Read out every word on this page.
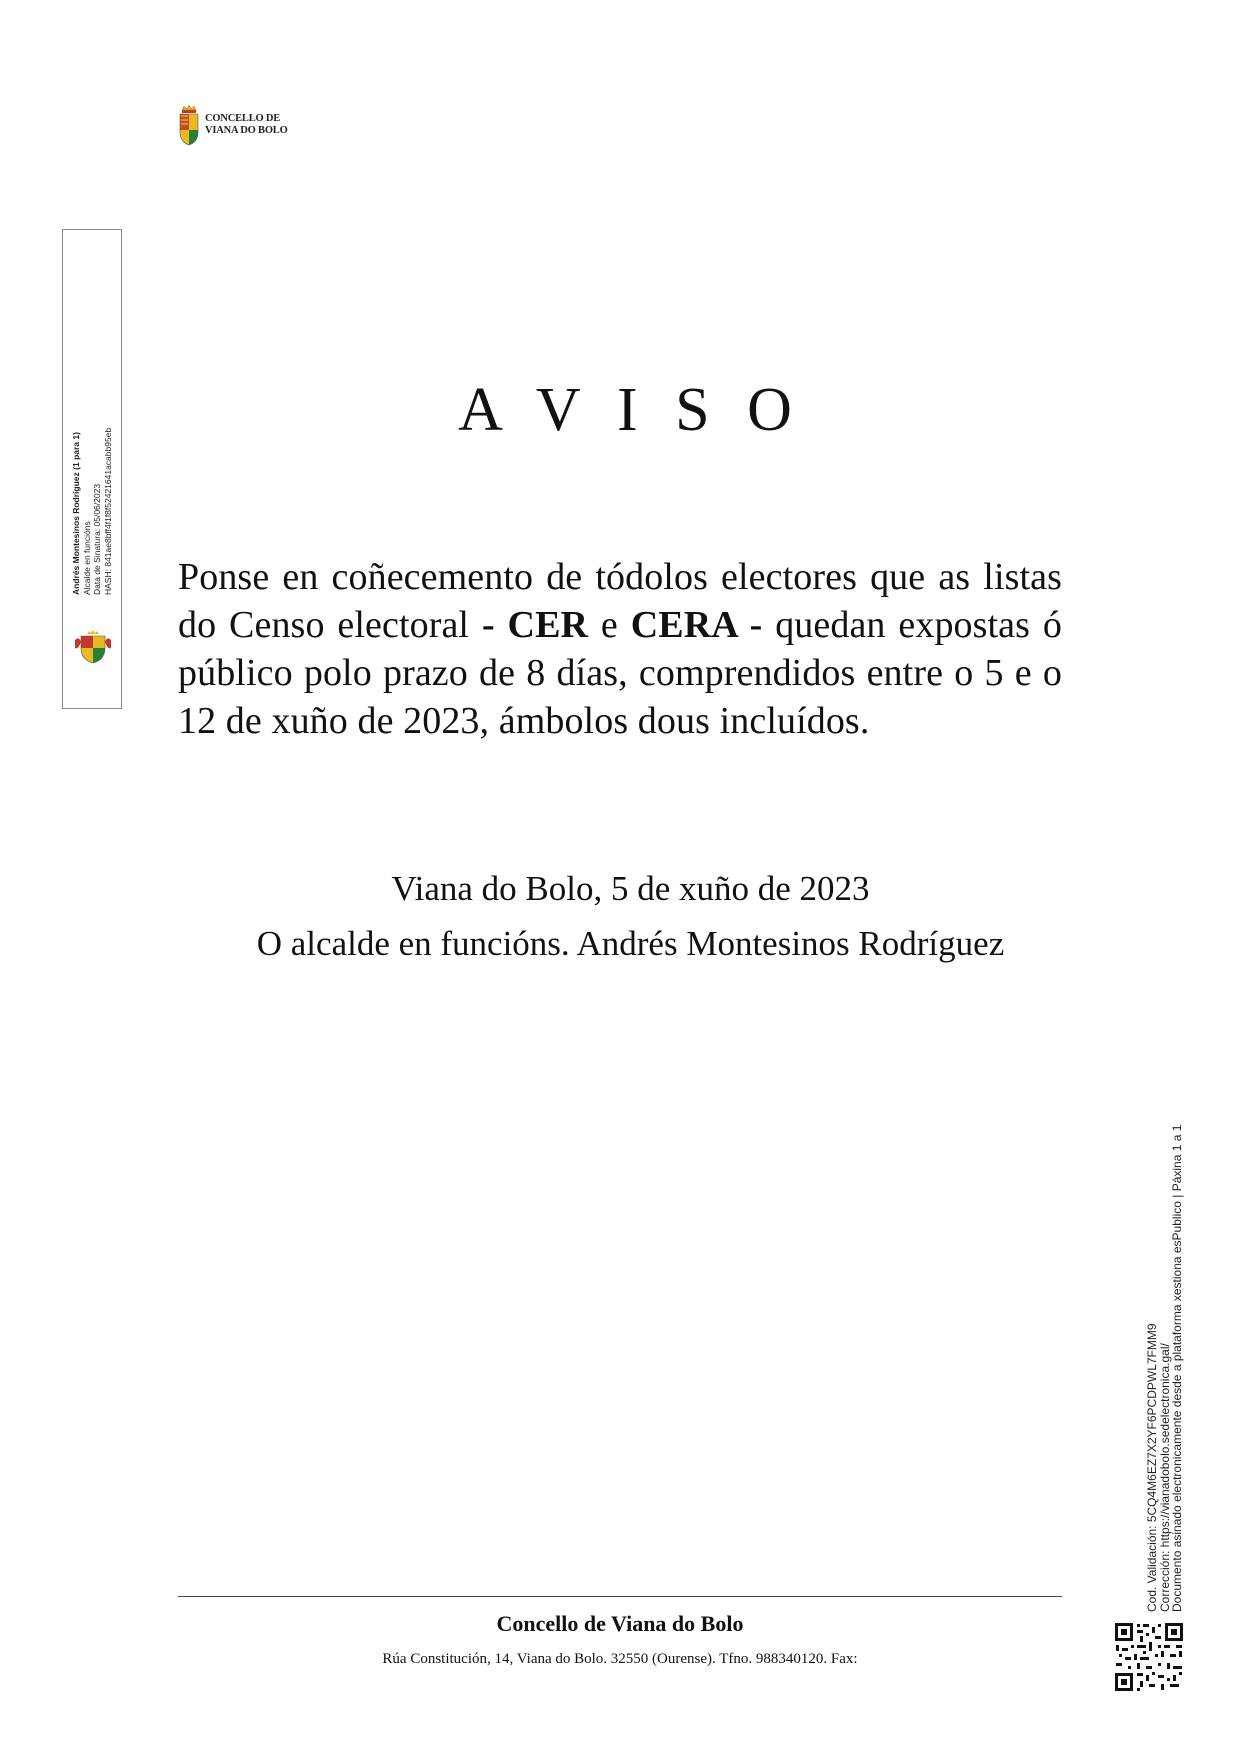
CONCELLO DE
VIANA DO BOLO
Andrés Montesinos Rodríguez (1 para 1) Alcalde en funcións Data de Sinatura: 05/06/2023 HASH: 841ae8bff4f1f8f52421641acabb95eb
A V I S O
Ponse en coñecemento de tódolos electores que as listas do Censo electoral - CER e CERA - quedan expostas ó público polo prazo de 8 días, comprendidos entre o 5 e o 12 de xuño de 2023, ámbolos dous incluídos.
Viana do Bolo, 5 de xuño de 2023
O alcalde en funcións. Andrés Montesinos Rodríguez
Concello de Viana do Bolo
Rúa Constitución, 14, Viana do Bolo. 32550 (Ourense). Tfno. 988340120. Fax:
Cod. Validación: 5CQ4M6EZ7X2YF6PCDPWL7FMM9
Corrección: https://vianadobolo.sedelectronica.gal/
Documento asinado electronicamente desde a plataforma xestiona esPublico | Páxina 1 a 1
